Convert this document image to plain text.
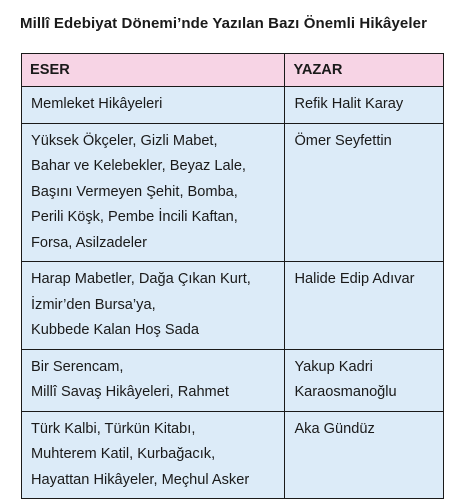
Millî Edebiyat Dönemi’nde Yazılan Bazı Önemli Hikâyeler
ESER	YAZAR

Memleket Hikâyeleri	Refik Halit Karay

Yüksek Ökçeler, Gizli Mabet,
Bahar ve Kelebekler, Beyaz Lale,
Başını Vermeyen Şehit, Bomba,
Perili Köşk, Pembe İncili Kaftan,
Forsa, Asilzadeler	Ömer Seyfettin

Harap Mabetler, Dağa Çıkan Kurt,
İzmir’den Bursa’ya,
Kubbede Kalan Hoş Sada	Halide Edip Adıvar

Bir Serencam,
Millî Savaş Hikâyeleri, Rahmet	Yakup Kadri
Karaosmanoğlu

Türk Kalbi, Türkün Kitabı,
Muhterem Katil, Kurbağacık,
Hayattan Hikâyeler, Meçhul Asker	Aka Gündüz
